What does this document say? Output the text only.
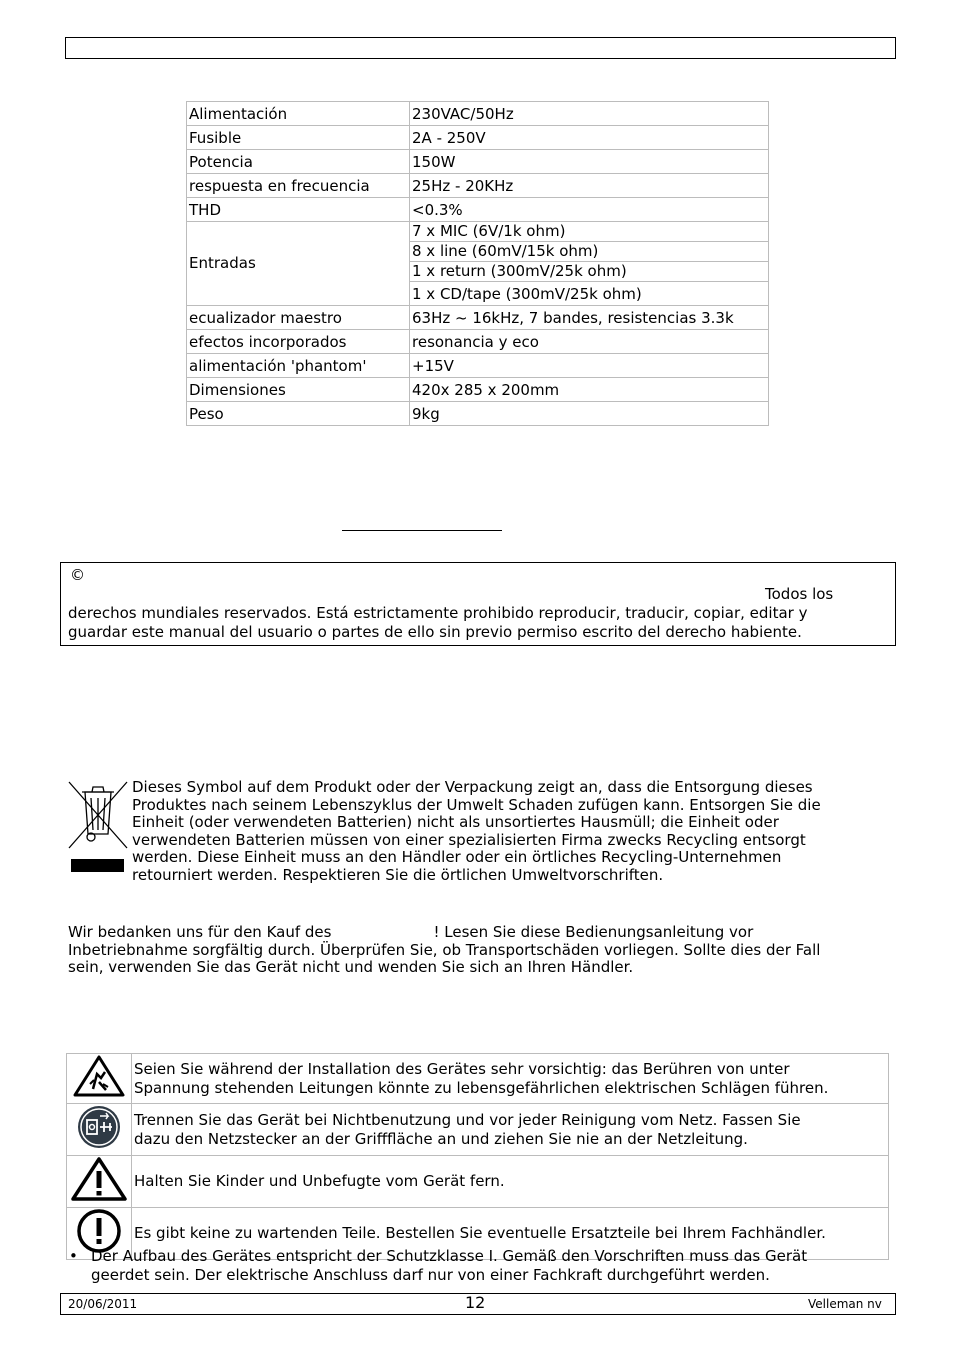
Alimentación	230VAC/50Hz
Fusible	2A - 250V
Potencia	150W
respuesta en frecuencia	25Hz - 20KHz
THD	<0.3%
Entradas	7 x MIC (6V/1k ohm)
	8 x line (60mV/15k ohm)
	1 x return (300mV/25k ohm)
	1 x CD/tape (300mV/25k ohm)
ecualizador maestro	63Hz ~ 16kHz, 7 bandes, resistencias 3.3k
efectos incorporados	resonancia y eco
alimentación 'phantom'	+15V
Dimensiones	420x 285 x 200mm
Peso	9kg
©
Todos los
derechos mundiales reservados. Está estrictamente prohibido reproducir, traducir, copiar, editar y
guardar este manual del usuario o partes de ello sin previo permiso escrito del derecho habiente.
Dieses Symbol auf dem Produkt oder der Verpackung zeigt an, dass die Entsorgung dieses
Produktes nach seinem Lebenszyklus der Umwelt Schaden zufügen kann. Entsorgen Sie die
Einheit (oder verwendeten Batterien) nicht als unsortiertes Hausmüll; die Einheit oder
verwendeten Batterien müssen von einer spezialisierten Firma zwecks Recycling entsorgt
werden. Diese Einheit muss an den Händler oder ein örtliches Recycling-Unternehmen
retourniert werden. Respektieren Sie die örtlichen Umweltvorschriften.
Wir bedanken uns für den Kauf des	! Lesen Sie diese Bedienungsanleitung vor
Inbetriebnahme sorgfältig durch. Überprüfen Sie, ob Transportschäden vorliegen. Sollte dies der Fall
sein, verwenden Sie das Gerät nicht und wenden Sie sich an Ihren Händler.

Seien Sie während der Installation des Gerätes sehr vorsichtig: das Berühren von unter
Spannung stehenden Leitungen könnte zu lebensgefährlichen elektrischen Schlägen führen.

Trennen Sie das Gerät bei Nichtbenutzung und vor jeder Reinigung vom Netz. Fassen Sie
dazu den Netzstecker an der Grifffläche an und ziehen Sie nie an der Netzleitung.

Halten Sie Kinder und Unbefugte vom Gerät fern.

Es gibt keine zu wartenden Teile. Bestellen Sie eventuelle Ersatzteile bei Ihrem Fachhändler.
• Der Aufbau des Gerätes entspricht der Schutzklasse I. Gemäß den Vorschriften muss das Gerät
geerdet sein. Der elektrische Anschluss darf nur von einer Fachkraft durchgeführt werden.
20/06/2011	12	Velleman nv
